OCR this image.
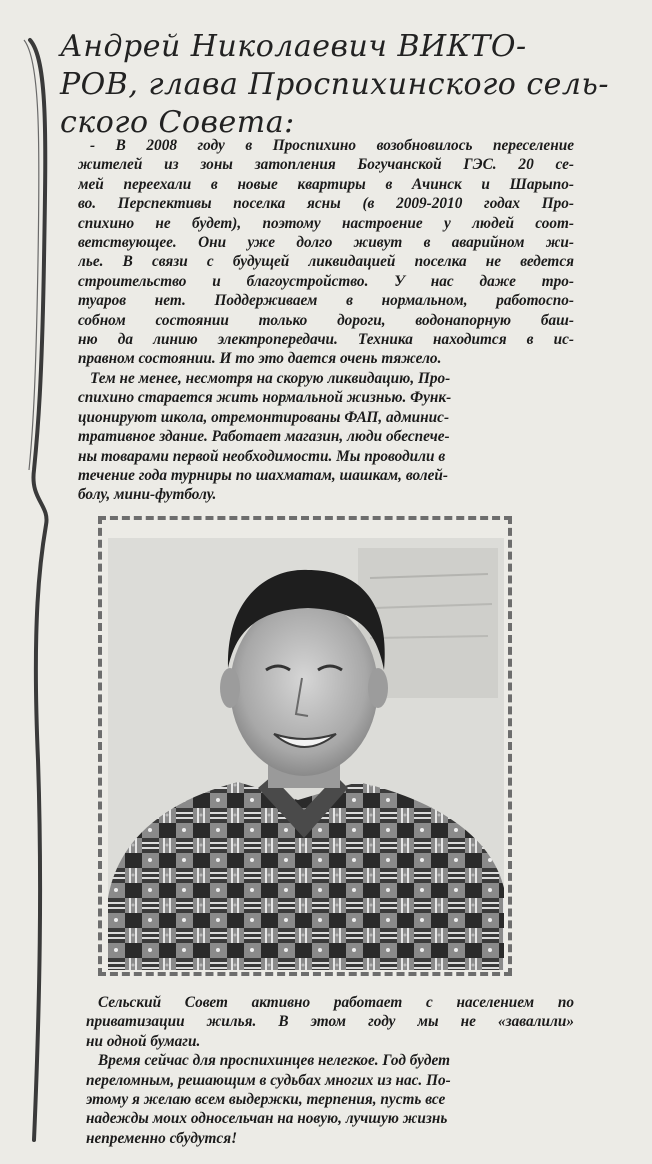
Андрей Николаевич ВИКТО-
РОВ, глава Проспихинского сель-
ского Совета:

- В 2008 году в Проспихино возобновилось переселение
жителей из зоны затопления Богучанской ГЭС. 20 се-
мей переехали в новые квартиры в Ачинск и Шарыпо-
во. Перспективы поселка ясны (в 2009-2010 годах Про-
спихино не будет), поэтому настроение у людей соот-
ветствующее. Они уже долго живут в аварийном жи-
лье. В связи с будущей ликвидацией поселка не ведется
строительство и благоустройство. У нас даже тро-
туаров нет. Поддерживаем в нормальном, работоспо-
собном состоянии только дороги, водонапорную баш-
ню да линию электропередачи. Техника находится в ис-
правном состоянии. И то это дается очень тяжело.

Тем не менее, несмотря на скорую ликвидацию, Про-
спихино старается жить нормальной жизнью. Функ-
ционируют школа, отремонтированы ФАП, админис-
тративное здание. Работает магазин, люди обеспече-
ны товарами первой необходимости. Мы проводили в
течение года турниры по шахматам, шашкам, волей-
болу, мини-футболу.

Сельский Совет активно работает с населением по
приватизации жилья. В этом году мы не «завалили»
ни одной бумаги.

Время сейчас для проспихинцев нелегкое. Год будет
переломным, решающим в судьбах многих из нас. По-
этому я желаю всем выдержки, терпения, пусть все
надежды моих односельчан на новую, лучшую жизнь
непременно сбудутся!
